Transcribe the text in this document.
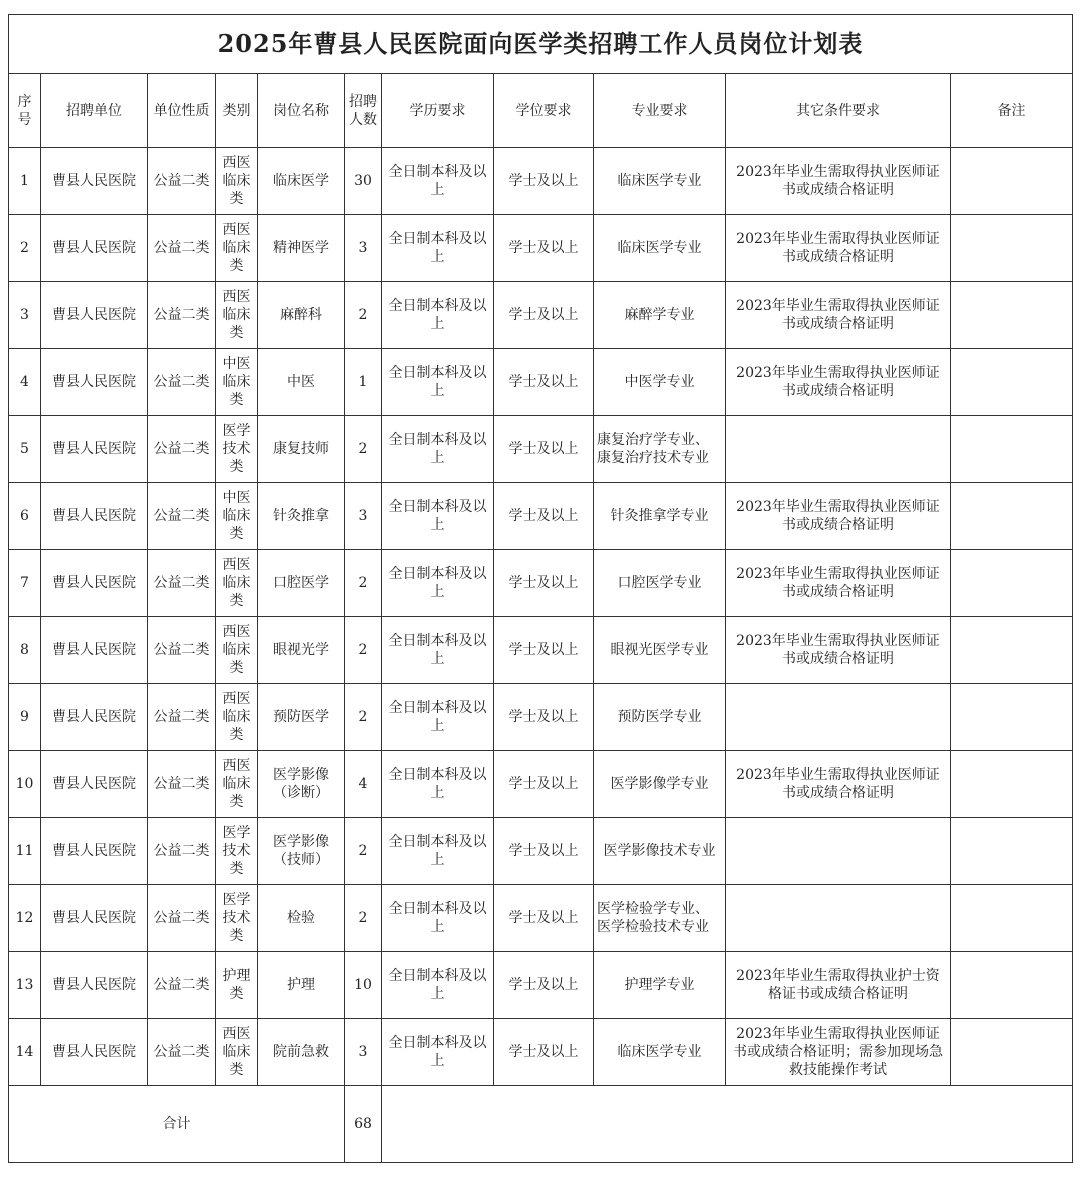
2025年曹县人民医院面向医学类招聘工作人员岗位计划表										
序号	招聘单位	单位性质	类别	岗位名称	招聘人数	学历要求	学位要求	专业要求	其它条件要求	备注
1	曹县人民医院	公益二类	西医临床类	临床医学	30	全日制本科及以上	学士及以上	临床医学专业	2023年毕业生需取得执业医师证书或成绩合格证明	
2	曹县人民医院	公益二类	西医临床类	精神医学	3	全日制本科及以上	学士及以上	临床医学专业	2023年毕业生需取得执业医师证书或成绩合格证明	
3	曹县人民医院	公益二类	西医临床类	麻醉科	2	全日制本科及以上	学士及以上	麻醉学专业	2023年毕业生需取得执业医师证书或成绩合格证明	
4	曹县人民医院	公益二类	中医临床类	中医	1	全日制本科及以上	学士及以上	中医学专业	2023年毕业生需取得执业医师证书或成绩合格证明	
5	曹县人民医院	公益二类	医学技术类	康复技师	2	全日制本科及以上	学士及以上	康复治疗学专业、康复治疗技术专业		
6	曹县人民医院	公益二类	中医临床类	针灸推拿	3	全日制本科及以上	学士及以上	针灸推拿学专业	2023年毕业生需取得执业医师证书或成绩合格证明	
7	曹县人民医院	公益二类	西医临床类	口腔医学	2	全日制本科及以上	学士及以上	口腔医学专业	2023年毕业生需取得执业医师证书或成绩合格证明	
8	曹县人民医院	公益二类	西医临床类	眼视光学	2	全日制本科及以上	学士及以上	眼视光医学专业	2023年毕业生需取得执业医师证书或成绩合格证明	
9	曹县人民医院	公益二类	西医临床类	预防医学	2	全日制本科及以上	学士及以上	预防医学专业		
10	曹县人民医院	公益二类	西医临床类	医学影像（诊断）	4	全日制本科及以上	学士及以上	医学影像学专业	2023年毕业生需取得执业医师证书或成绩合格证明	
11	曹县人民医院	公益二类	医学技术类	医学影像（技师）	2	全日制本科及以上	学士及以上	医学影像技术专业		
12	曹县人民医院	公益二类	医学技术类	检验	2	全日制本科及以上	学士及以上	医学检验学专业、医学检验技术专业		
13	曹县人民医院	公益二类	护理类	护理	10	全日制本科及以上	学士及以上	护理学专业	2023年毕业生需取得执业护士资格证书或成绩合格证明	
14	曹县人民医院	公益二类	西医临床类	院前急救	3	全日制本科及以上	学士及以上	临床医学专业	2023年毕业生需取得执业医师证书或成绩合格证明；需参加现场急救技能操作考试	
合计					68					
